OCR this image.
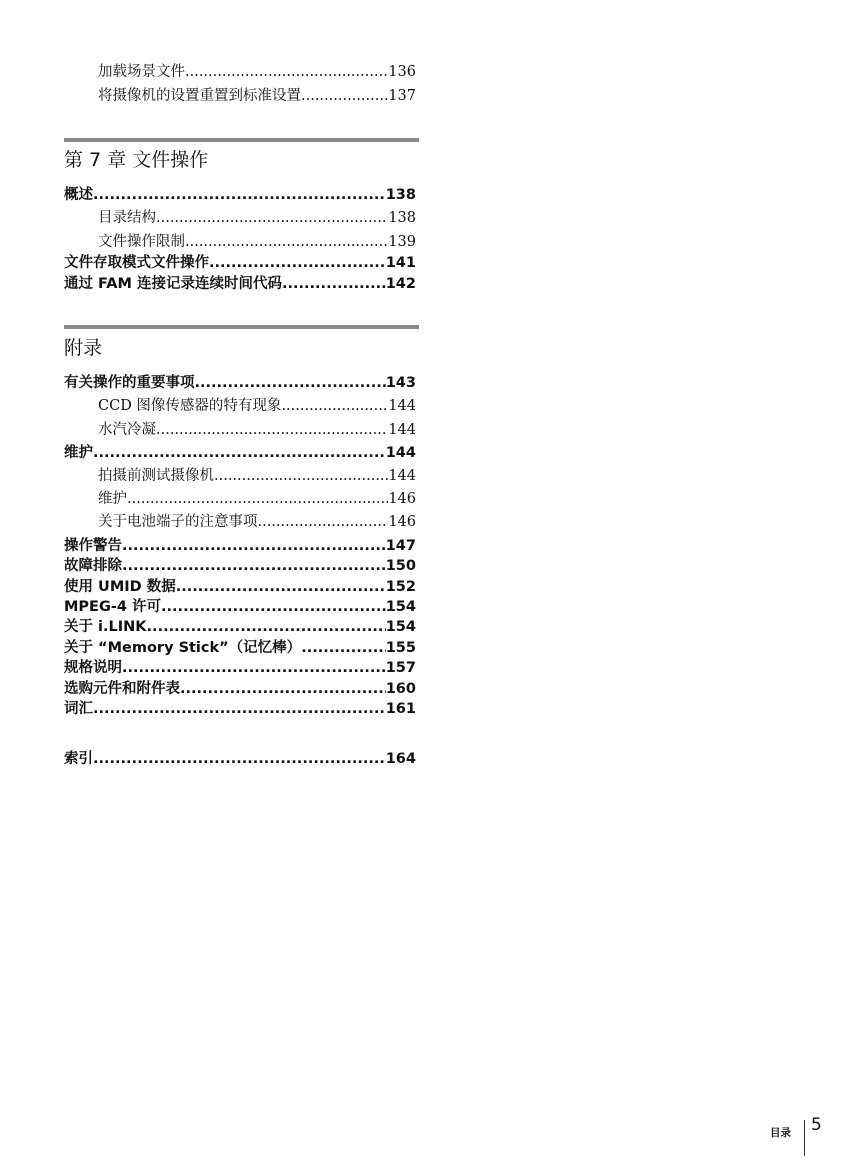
加载场景文件 .....	136
将摄像机的设置重置到标准设置 .....	137
第 7 章 文件操作
概述 .....	138
目录结构 .....	138
文件操作限制 .....	139
文件存取模式文件操作 .....	141
通过 FAM 连接记录连续时间代码 .....	142
附录
有关操作的重要事项 .....	143
CCD 图像传感器的特有现象 .....	144
水汽冷凝 .....	144
维护 .....	144
拍摄前测试摄像机 .....	144
维护 .....	146
关于电池端子的注意事项 .....	146
操作警告 .....	147
故障排除 .....	150
使用 UMID 数据 .....	152
MPEG-4 许可 .....	154
关于 i.LINK .....	154
关于 “Memory Stick”（记忆棒） .....	155
规格说明 .....	157
选购元件和附件表 .....	160
词汇 .....	161
索引 .....	164
目录 5
